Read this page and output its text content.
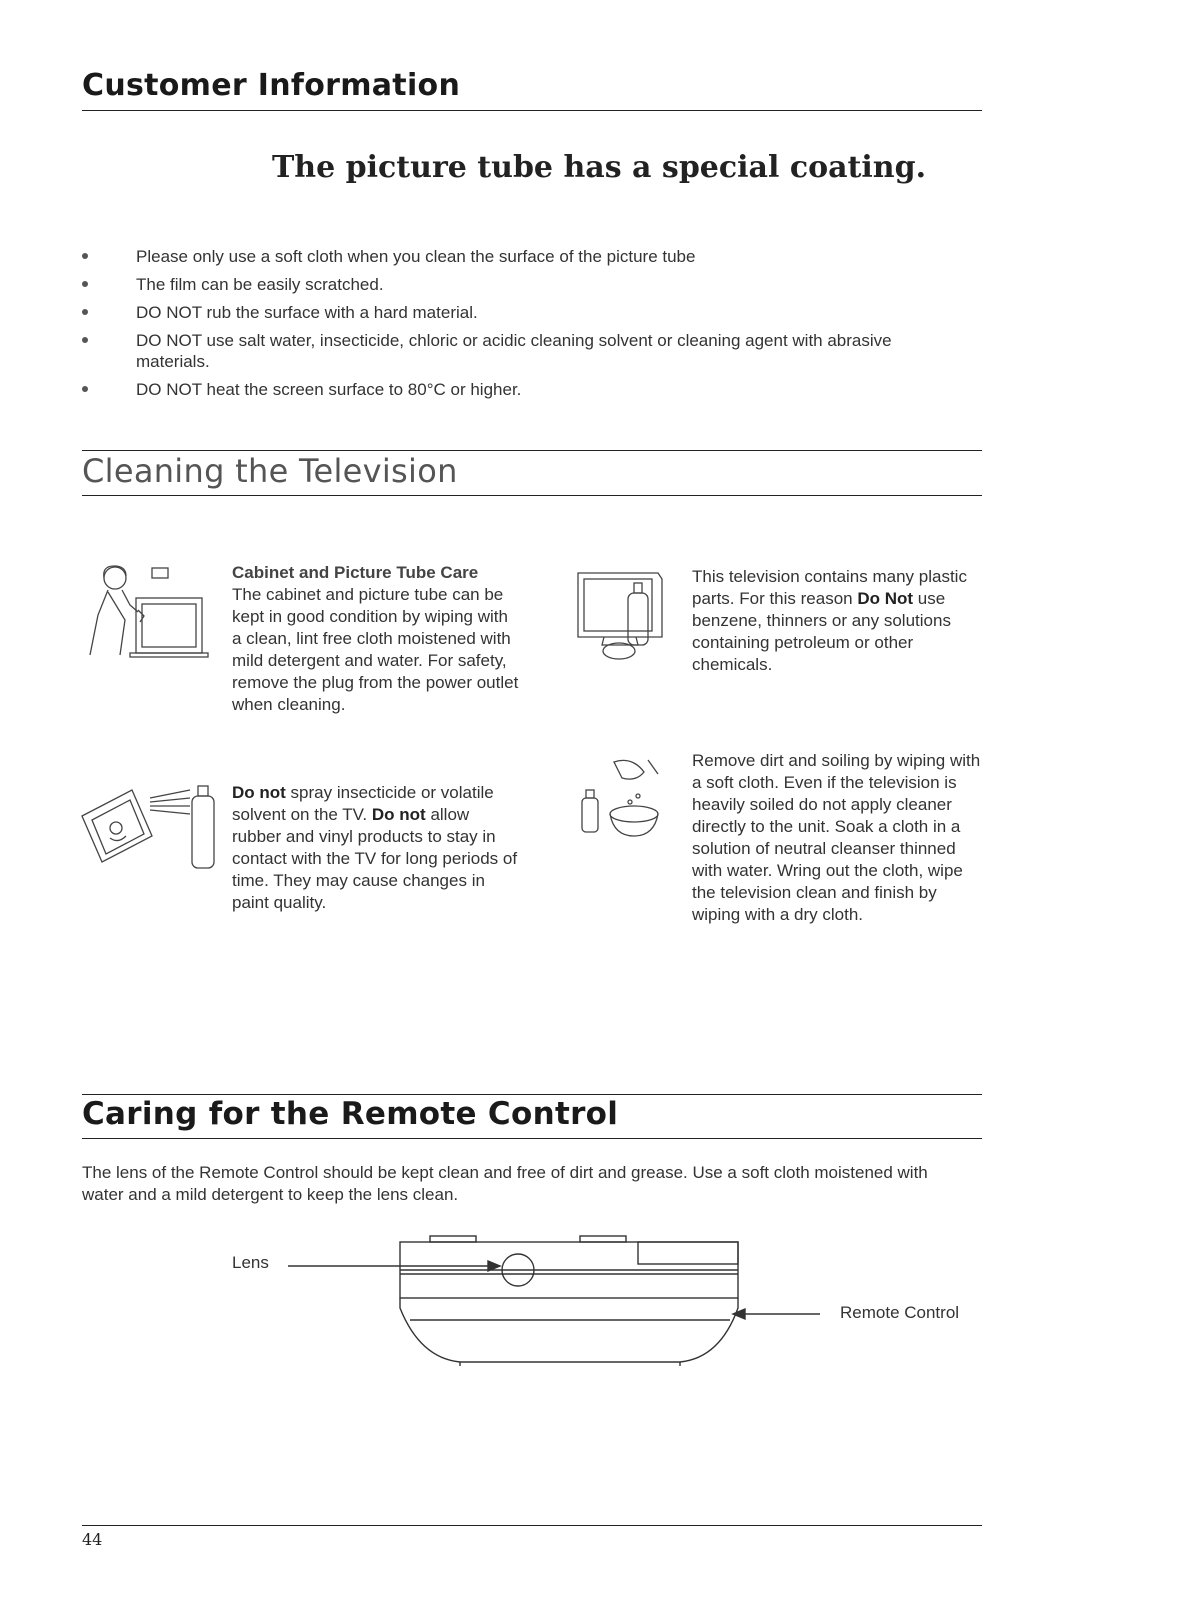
Customer Information
The picture tube has a special coating.
Please only use a soft cloth when you clean the surface of the picture tube
The film can be easily scratched.
DO NOT rub the surface with a hard material.
DO NOT use salt water, insecticide, chloric or acidic cleaning solvent or cleaning agent with abrasive materials.
DO NOT heat the screen surface to 80°C or higher.
Cleaning the Television
Cabinet and Picture Tube Care
The cabinet and picture tube can be kept in good condition by wiping with a clean, lint free cloth moistened with mild detergent and water. For safety, remove the plug from the power outlet when cleaning.
This television contains many plastic parts. For this reason Do Not use benzene, thinners or any solutions containing petroleum or other chemicals.
Do not spray insecticide or volatile solvent on the TV. Do not allow rubber and vinyl products to stay in contact with the TV for long periods of time. They may cause changes in paint quality.
Remove dirt and soiling by wiping with a soft cloth. Even if the television is heavily soiled do not apply cleaner directly to the unit. Soak a cloth in a solution of neutral cleanser thinned with water. Wring out the cloth, wipe the television clean and finish by wiping with a dry cloth.
Caring for the Remote Control
The lens of the Remote Control should be kept clean and free of dirt and grease. Use a soft cloth moistened with water and a mild detergent to keep the lens clean.
Lens
Remote Control
44
